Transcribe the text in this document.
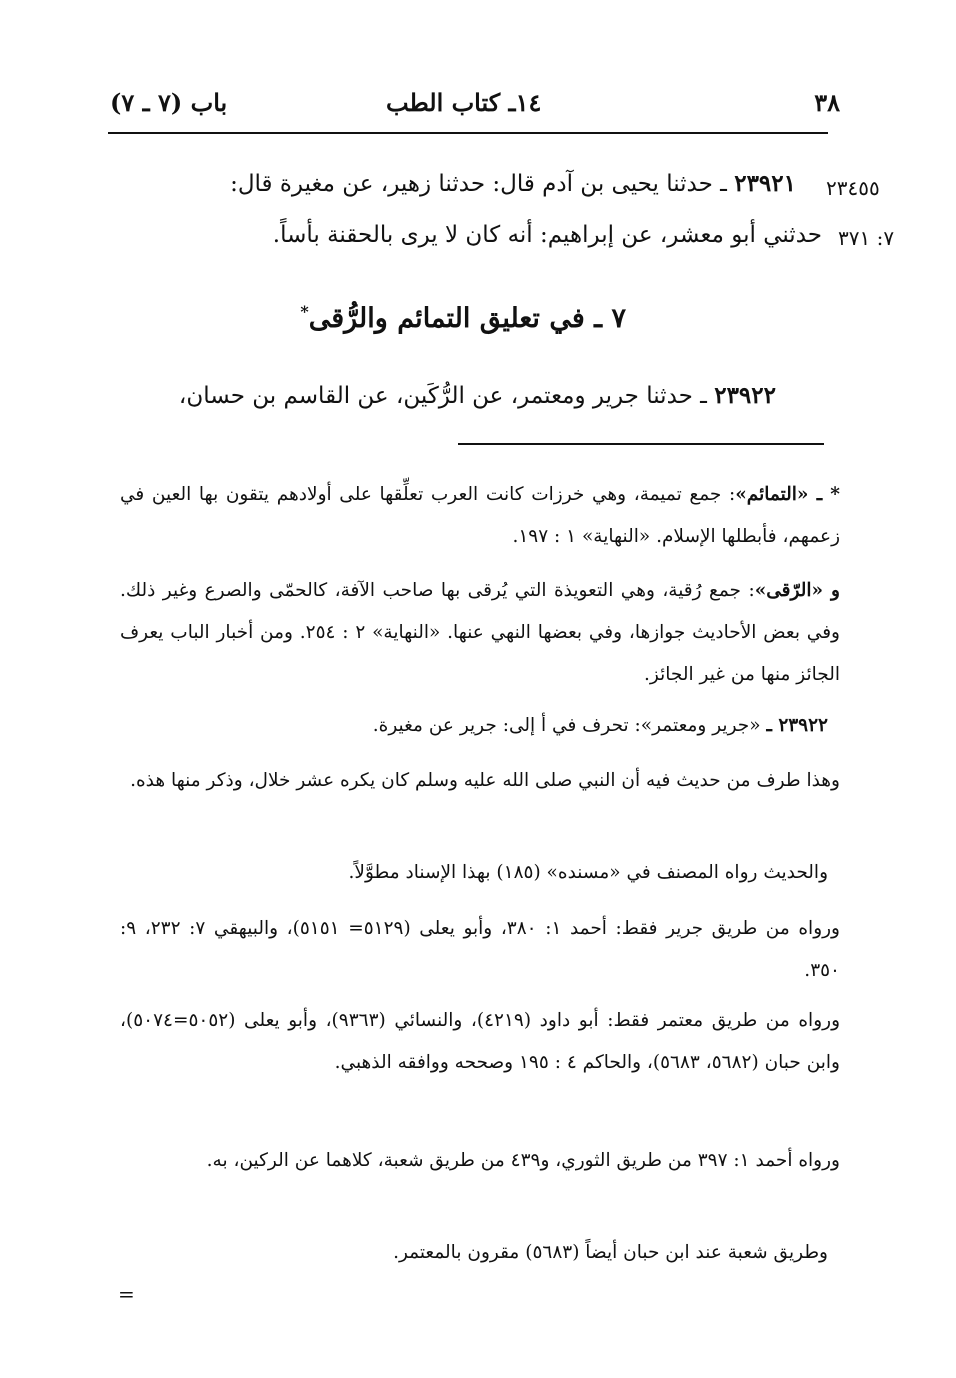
٣٨
١٤ـ كتاب الطب
باب (٧ ـ ٧)
٢٣٤٥٥
٧: ٣٧١
٢٣٩٢١ ـ حدثنا يحيى بن آدم قال: حدثنا زهير، عن مغيرة قال:
حدثني أبو معشر، عن إبراهيم: أنه كان لا يرى بالحقنة بأساً.
٧ ـ في تعليق التمائم والرُّقى*
٢٣٩٢٢ ـ حدثنا جرير ومعتمر، عن الرُّكَين، عن القاسم بن حسان،
* ـ «التمائم»: جمع تميمة، وهي خرزات كانت العرب تعلِّقها على أولادهم يتقون بها العين في زعمهم، فأبطلها الإسلام. «النهاية» ١ : ١٩٧.
و «الرّقى»: جمع رُقية، وهي التعويذة التي يُرقى بها صاحب الآفة، كالحمّى والصرع وغير ذلك. وفي بعض الأحاديث جوازها، وفي بعضها النهي عنها. «النهاية» ٢ : ٢٥٤. ومن أخبار الباب يعرف الجائز منها من غير الجائز.
٢٣٩٢٢ ـ «جرير ومعتمر»: تحرف في أ إلى: جرير عن مغيرة.
وهذا طرف من حديث فيه أن النبي صلى الله عليه وسلم كان يكره عشر خلال، وذكر منها هذه.
والحديث رواه المصنف في «مسنده» (١٨٥) بهذا الإسناد مطوَّلاً.
ورواه من طريق جرير فقط: أحمد ١: ٣٨٠، وأبو يعلى (٥١٢٩= ٥١٥١)، والبيهقي ٧: ٢٣٢، ٩: ٣٥٠.
ورواه من طريق معتمر فقط: أبو داود (٤٢١٩)، والنسائي (٩٣٦٣)، وأبو يعلى (٥٠٥٢=٥٠٧٤)، وابن حبان (٥٦٨٢، ٥٦٨٣)، والحاكم ٤ : ١٩٥ وصححه ووافقه الذهبي.
ورواه أحمد ١: ٣٩٧ من طريق الثوري، و٤٣٩ من طريق شعبة، كلاهما عن الركين، به.
وطريق شعبة عند ابن حبان أيضاً (٥٦٨٣) مقرون بالمعتمر.
=
